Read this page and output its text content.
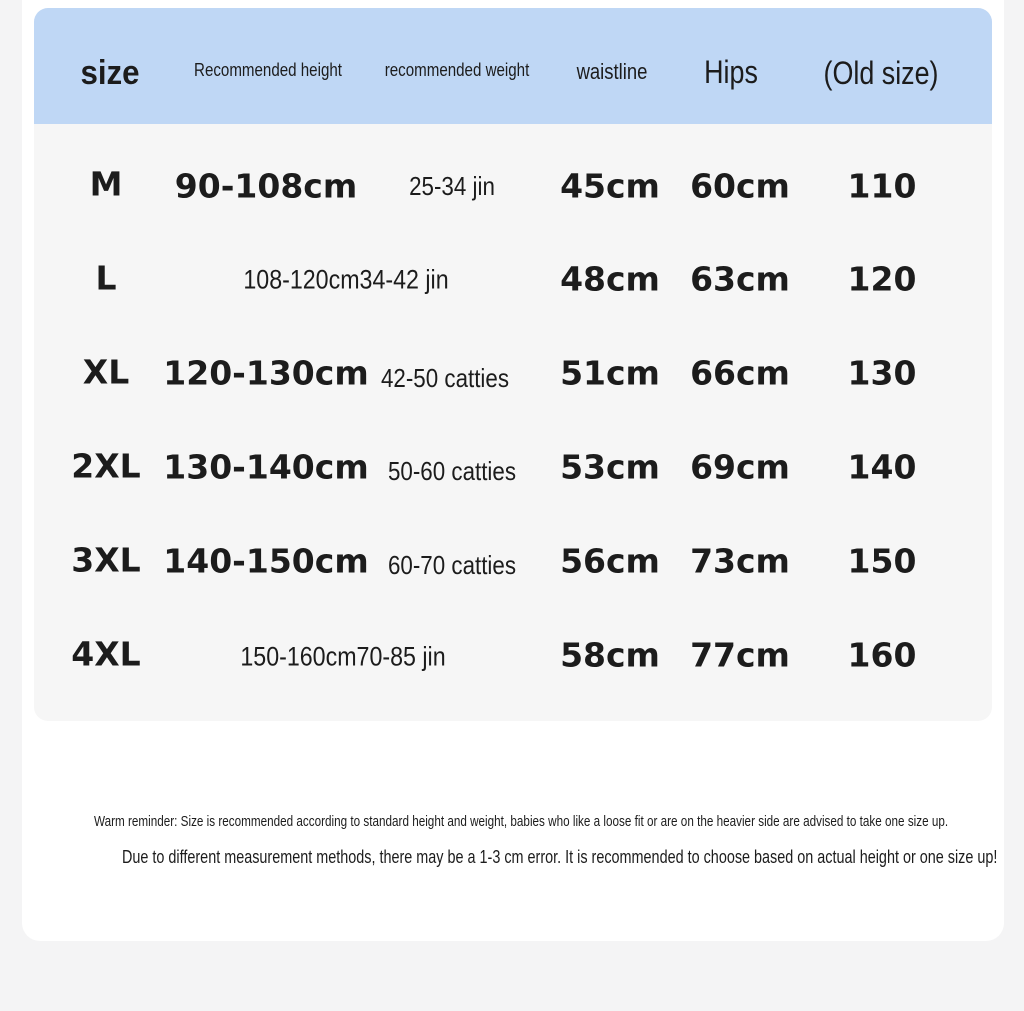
size	Recommended height recommended weight waistline Hips (Old size)
M 90-108cm 25-34 jin 45cm 60cm 110
L	108-120cm34-42 jin	48cm 63cm 120
XL 120-130cm 42-50 catties 51cm 66cm 130
2XL 130-140cm 50-60 catties 53cm 69cm 140
3XL 140-150cm 60-70 catties 56cm 73cm 150
4XL	150-160cm70-85 jin	58cm 77cm 160
Warm reminder: Size is recommended according to standard height and weight, babies who like a loose fit or are on the heavier side are advised to take one size up.
Due to different measurement methods, there may be a 1-3 cm error. It is recommended to choose based on actual height or one size up!
